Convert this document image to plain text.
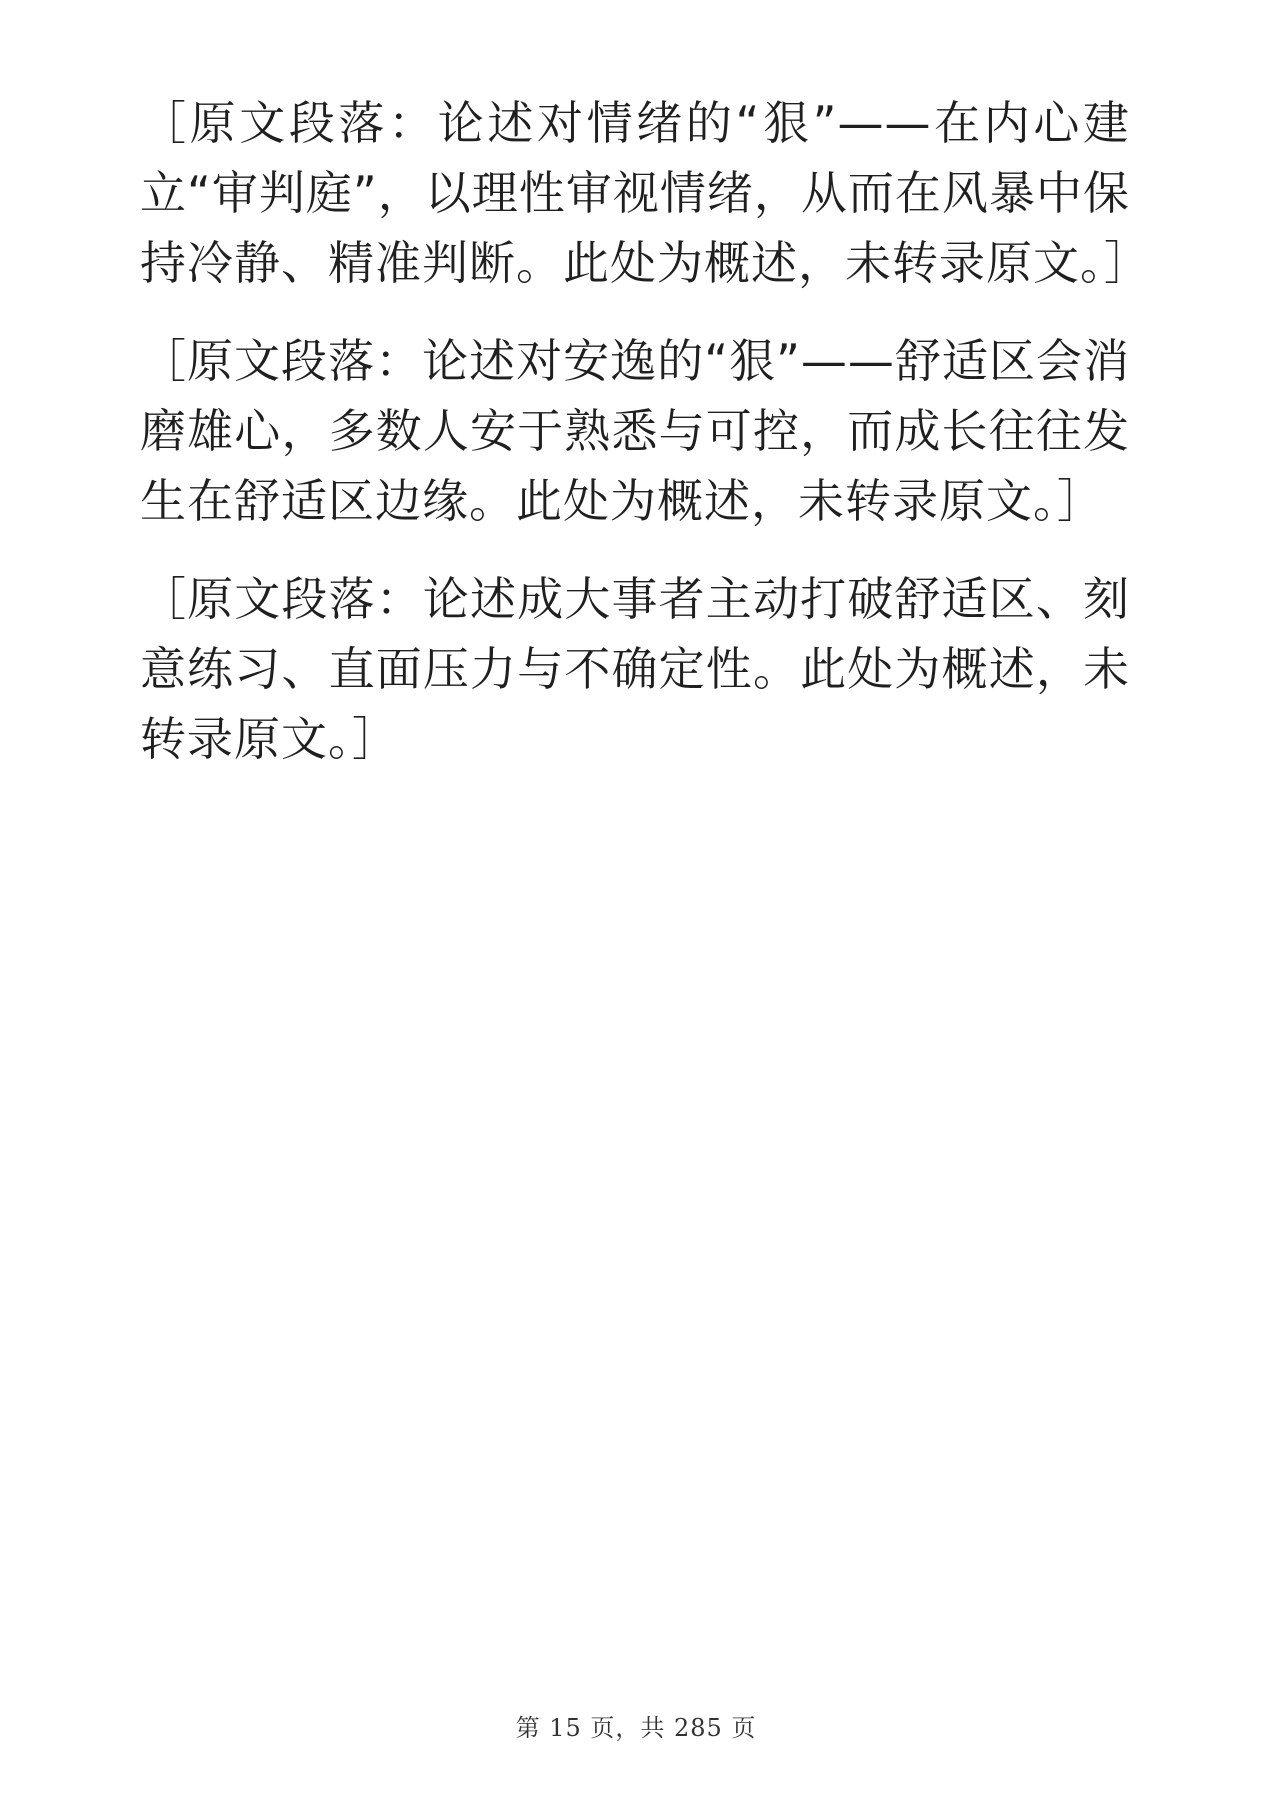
［原文段落：论述对情绪的“狠”——在内心建立“审判庭”，以理性审视情绪，从而在风暴中保持冷静、精准判断。此处为概述，未转录原文。］

［原文段落：论述对安逸的“狠”——舒适区会消磨雄心，多数人安于熟悉与可控，而成长往往发生在舒适区边缘。此处为概述，未转录原文。］

［原文段落：论述成大事者主动打破舒适区、刻意练习、直面压力与不确定性。此处为概述，未转录原文。］

第 15 页，共 285 页
